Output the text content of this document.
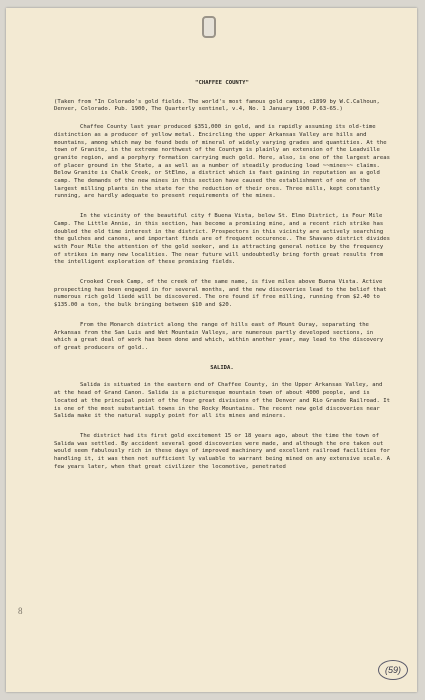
"CHAFFEE COUNTY"

(Taken from "In Colorado's gold fields. The world's most famous gold camps, c1899 by W.C.Calhoun, Denver, Colorado. Pub. 1900, The Quarterly sentinel, v.4, No. 1 January 1900 P.63-65.)

Chaffee County last year produced $351,000 in gold, and is rapidly assuming its old-time distinction as a producer of yellow metal. Encircling the upper Arkansas Valley are hills and mountains, among which may be found beds of mineral of widely varying grades and quantities. At the town of Granite, in the extreme northwest of the Countym is plainly an extension of the Leadville granite region, and a porphyry formation carrying much gold. Here, also, is one of the largest areas of placer ground in the State, a as well as a number of steadily producing load ~~mines~~ claims. Below Granite is Chalk Creek, or StElmo, a district which is fast gaining in reputation as a gold camp. The demands of the new mines in this section have caused the establishment of one of the largest milling plants in the state for the reduction of their ores. Three mills, kept constantly running, are hardly adequate to present requirements of the mines.

In the vicinity of the beautiful city f Buena Vista, below St. Elmo District, is Four Mile Camp. The Little Annie, in this section, has become a promising mine, and a recent rich strike has doubled the old time interest in the district. Prospectors in this vicinity are actively searching the gulches and canons, and important finds are of frequent occurence.. The Shavano district divides with Four Mile the attention of the gold seeker, and is attracting general notice by the frequency of strikes in many new localities. The near future will undoubtedly bring forth great results from the intelligent exploration of these promising fields.

Crooked Creek Camp, of the creek of the same name, is five miles above Buena Vista. Active prospecting has been engaged in for several months, and the new discoveries lead to the belief that numerous rich gold liedé will be discovered. The ore found if free milling, running from $2.40 to $135.00 a ton, the bulk bringing between $10 and $20.

From the Monarch district along the range of hills east of Mount Ouray, separating the Arkansas from the San Luis and Wet Mountain Valleys, are numerous partly developed sections, in which a great deal of work has been done and which, within another year, may lead to the discovery of great producers of gold..

SALIDA.

Salida is situated in the eastern end of Chaffee County, in the Upper Arkansas Valley, and at the head of Grand Canon. Salida is a picturesque mountain town of about 4000 people, and is located at the principal point of the four great divisions of the Denver and Rio Grande Railroad. It is one of the most substantial towns in the Rocky Mountains. The recent new gold discoveries near Salida make it the natural supply point for all its mines and miners.

The district had its first gold excitement 15 or 18 years ago, about the time the town of Salida was settled. By accident several good discoveries were made, and although the ore taken out would seem fabulously rich in these days of improved machinery and excellent railroad facilities for handling it, it was then not sufficient ly valuable to warrant being mined on any extensive scale. A few years later, when that great civilizer the locomotive, penetrated

8
(59)
